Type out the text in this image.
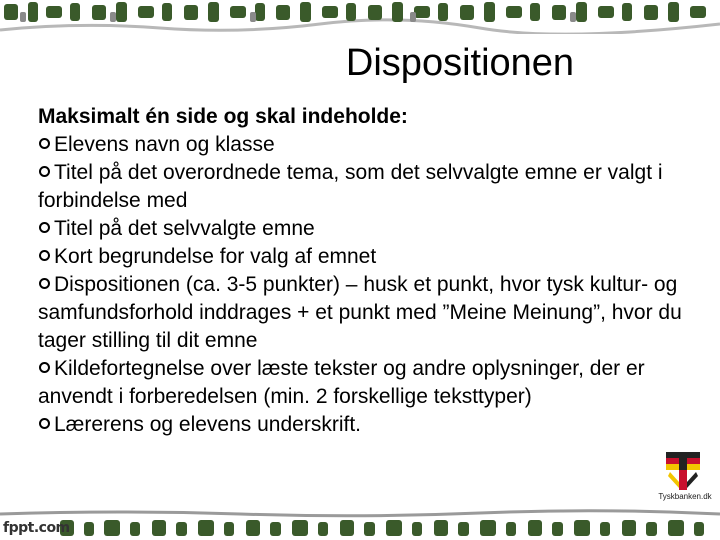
Dispositionen
Maksimalt én side og skal indeholde:
Elevens navn og klasse
Titel på det overordnede tema, som det selvvalgte emne er valgt i forbindelse med
Titel på det selvvalgte emne
Kort begrundelse for valg af emnet
Dispositionen (ca. 3-5 punkter) – husk et punkt, hvor tysk kultur- og samfundsforhold inddrages + et punkt med ”Meine Meinung”, hvor du tager stilling til dit emne
Kildefortegnelse over læste tekster og andre oplysninger, der er anvendt i forberedelsen (min. 2 forskellige teksttyper)
Lærerens og elevens underskrift.
Tyskbanken.dk
fppt.com
